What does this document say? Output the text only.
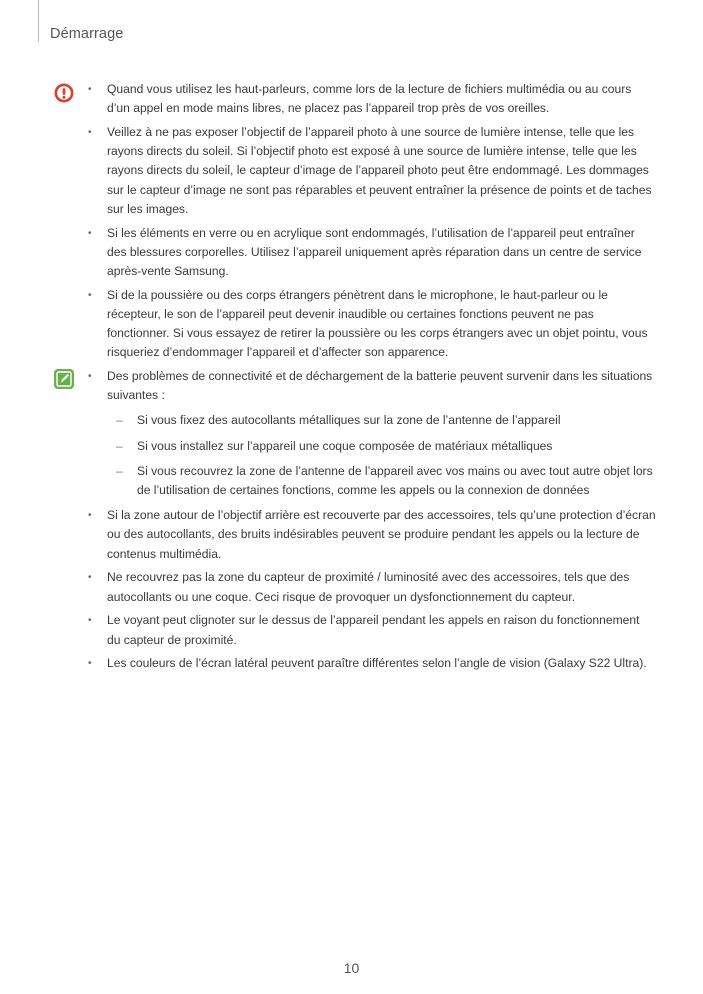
Démarrage
• Quand vous utilisez les haut-parleurs, comme lors de la lecture de fichiers multimédia ou au cours d’un appel en mode mains libres, ne placez pas l’appareil trop près de vos oreilles.
• Veillez à ne pas exposer l’objectif de l’appareil photo à une source de lumière intense, telle que les rayons directs du soleil. Si l’objectif photo est exposé à une source de lumière intense, telle que les rayons directs du soleil, le capteur d’image de l’appareil photo peut être endommagé. Les dommages sur le capteur d’image ne sont pas réparables et peuvent entraîner la présence de points et de taches sur les images.
• Si les éléments en verre ou en acrylique sont endommagés, l’utilisation de l’appareil peut entraîner des blessures corporelles. Utilisez l’appareil uniquement après réparation dans un centre de service après-vente Samsung.
• Si de la poussière ou des corps étrangers pénètrent dans le microphone, le haut-parleur ou le récepteur, le son de l’appareil peut devenir inaudible ou certaines fonctions peuvent ne pas fonctionner. Si vous essayez de retirer la poussière ou les corps étrangers avec un objet pointu, vous risqueriez d’endommager l’appareil et d’affecter son apparence.
• Des problèmes de connectivité et de déchargement de la batterie peuvent survenir dans les situations suivantes :
– Si vous fixez des autocollants métalliques sur la zone de l’antenne de l’appareil
– Si vous installez sur l’appareil une coque composée de matériaux métalliques
– Si vous recouvrez la zone de l’antenne de l’appareil avec vos mains ou avec tout autre objet lors de l’utilisation de certaines fonctions, comme les appels ou la connexion de données
• Si la zone autour de l’objectif arrière est recouverte par des accessoires, tels qu’une protection d’écran ou des autocollants, des bruits indésirables peuvent se produire pendant les appels ou la lecture de contenus multimédia.
• Ne recouvrez pas la zone du capteur de proximité / luminosité avec des accessoires, tels que des autocollants ou une coque. Ceci risque de provoquer un dysfonctionnement du capteur.
• Le voyant peut clignoter sur le dessus de l’appareil pendant les appels en raison du fonctionnement du capteur de proximité.
• Les couleurs de l’écran latéral peuvent paraître différentes selon l’angle de vision (Galaxy S22 Ultra).
10
